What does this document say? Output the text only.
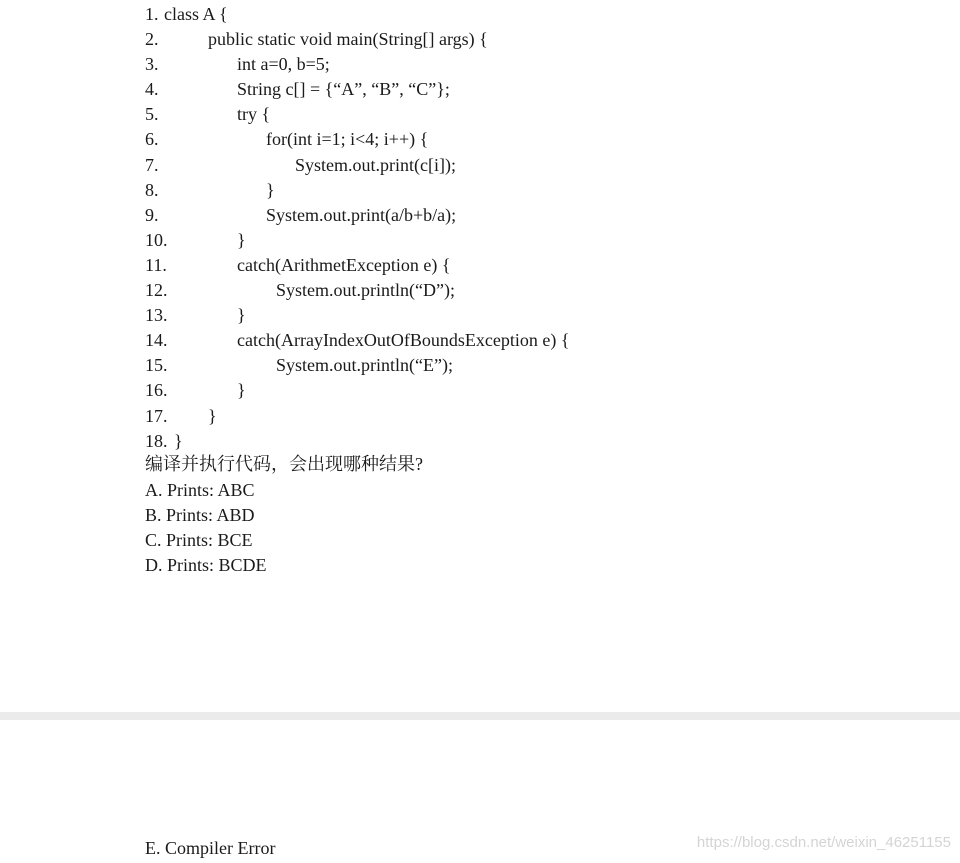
1.

class A {

2.

	public static void main(String[] args) {

3.

	int a=0, b=5;

4.

	String c[] = {“A”, “B”, “C”};

5.

	try {

6.

	for(int i=1; i<4; i++) {

7.

	System.out.print(c[i]);

8.

	}

9.

	System.out.print(a/b+b/a);

10.

	}

11.

	catch(ArithmetException e) {

12.

	System.out.println(“D”);

13.

	}

14.

	catch(ArrayIndexOutOfBoundsException e) {

15.

	System.out.println(“E”);

16.

	}

17.

}

18.

}

编译并执行代码，会出现哪种结果?
A. Prints: ABC
B. Prints: ABD
C. Prints: BCE
D. Prints: BCDE
E. Compiler Error	https://blog.csdn.net/weixin_46251155
